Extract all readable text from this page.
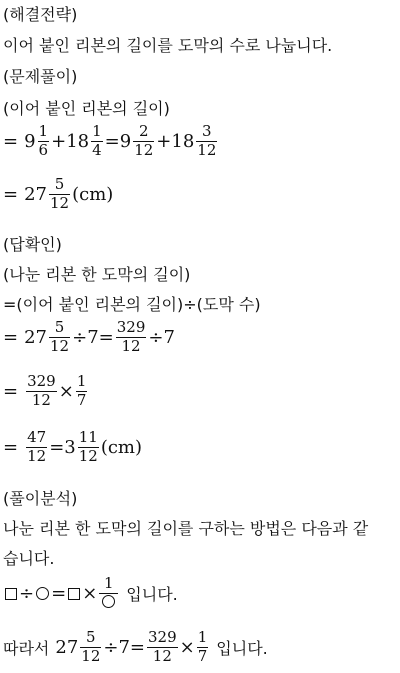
(해결전략)
이어 붙인 리본의 길이를 도막의 수로 나눕니다.
(문제풀이)
(이어 붙인 리본의 길이)
= $9 \frac{1}{6} + 18 \frac{1}{4} = 9 \frac{2}{12} + 18 \frac{3}{12}$
= $27 \frac{5}{12} (cm)$
(답확인)
(나눈 리본 한 도막의 길이)
=(이어 붙인 리본의 길이)÷(도막 수)
= $27 \frac{5}{12} \div 7 = \frac{329}{12} \div 7$
= $\frac{329}{12} \times \frac{1}{7}$
= $\frac{47}{12} = 3 \frac{11}{12} (cm)$
(풀이분석)
나눈 리본 한 도막의 길이를 구하는 방법은 다음과 같
습니다.
÷ = ×
1
입니다.
따라서 $27 \frac{5}{12} \div 7 = \frac{329}{12} \times \frac{1}{7}$ 입니다.
